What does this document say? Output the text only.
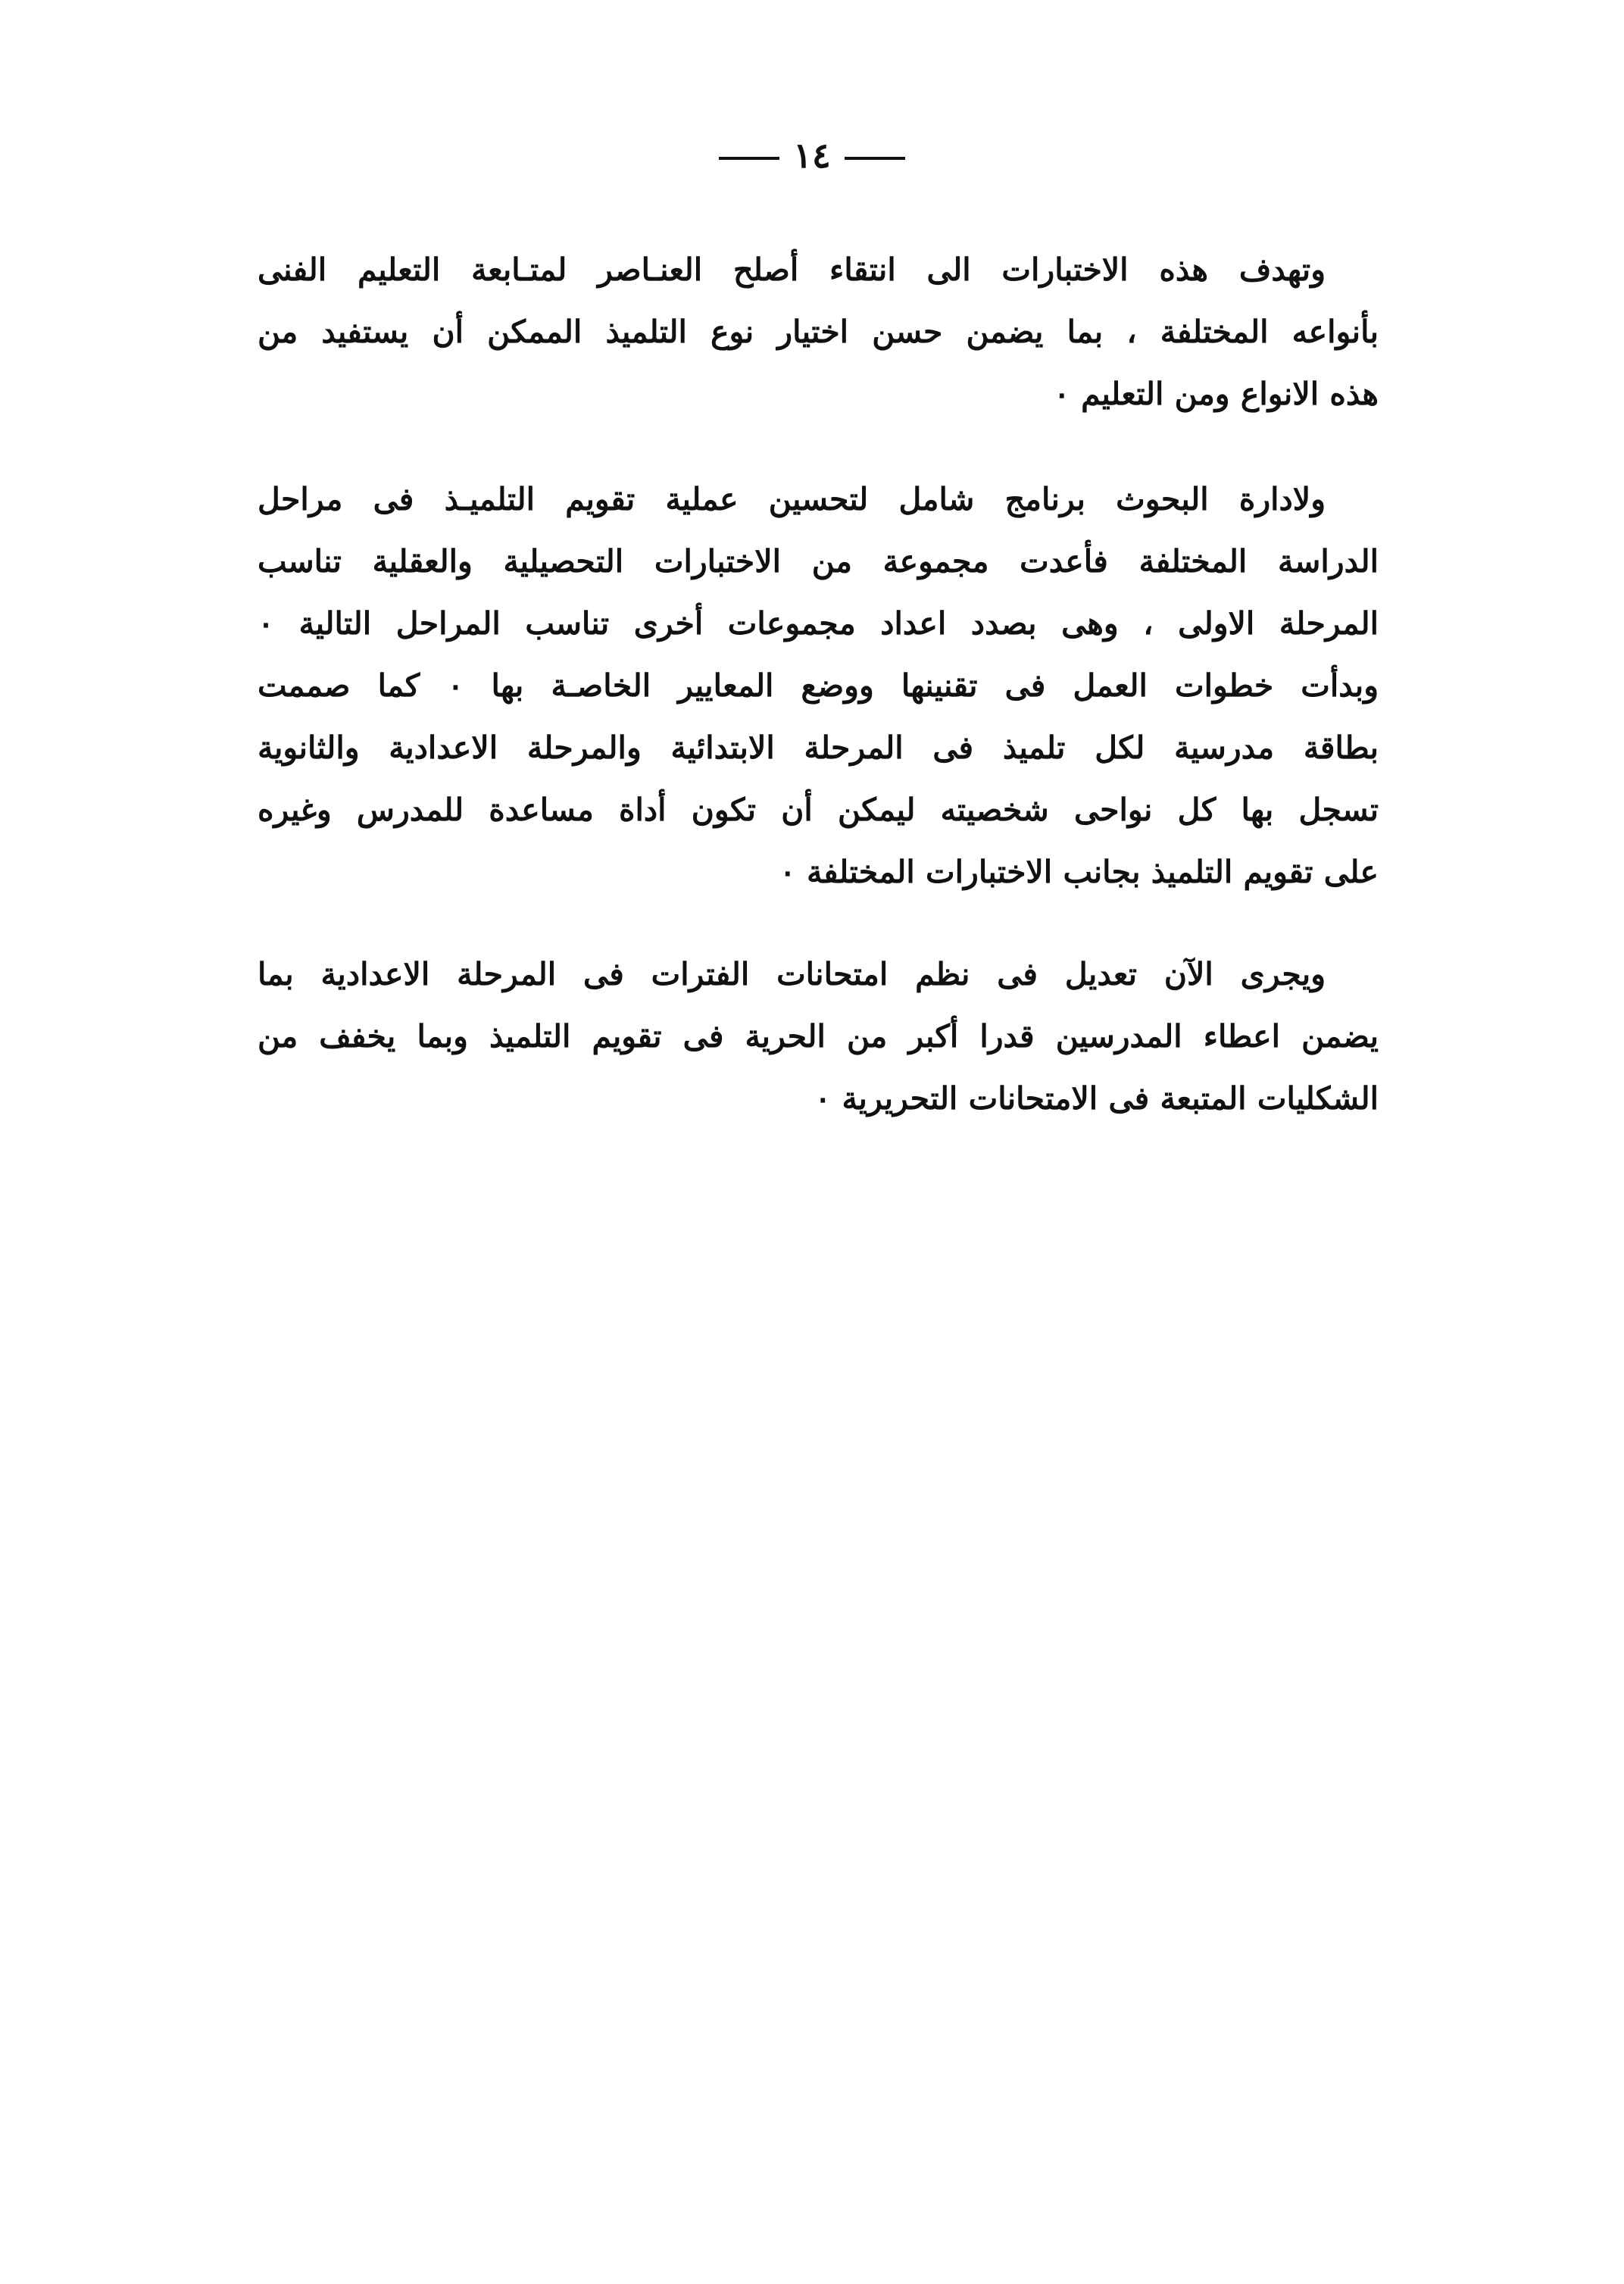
١٤
وتهدف هذه الاختبارات الى انتقاء أصلح العنـاصر لمتـابعة التعليم الفنى
بأنواعه المختلفة ، بما يضمن حسن اختيار نوع التلميذ الممكن أن يستفيد من
هذه الانواع ومن التعليم ٠
ولادارة البحوث برنامج شامل لتحسين عملية تقويم التلميـذ فى مراحل
الدراسة المختلفة فأعدت مجموعة من الاختبارات التحصيلية والعقلية تناسب
المرحلة الاولى ، وهى بصدد اعداد مجموعات أخرى تناسب المراحل التالية ٠
وبدأت خطوات العمل فى تقنينها ووضع المعايير الخاصـة بها ٠ كما صممت
بطاقة مدرسية لكل تلميذ فى المرحلة الابتدائية والمرحلة الاعدادية والثانوية
تسجل بها كل نواحى شخصيته ليمكن أن تكون أداة مساعدة للمدرس وغيره
على تقويم التلميذ بجانب الاختبارات المختلفة ٠
ويجرى الآن تعديل فى نظم امتحانات الفترات فى المرحلة الاعدادية بما
يضمن اعطاء المدرسين قدرا أكبر من الحرية فى تقويم التلميذ وبما يخفف من
الشكليات المتبعة فى الامتحانات التحريرية ٠
